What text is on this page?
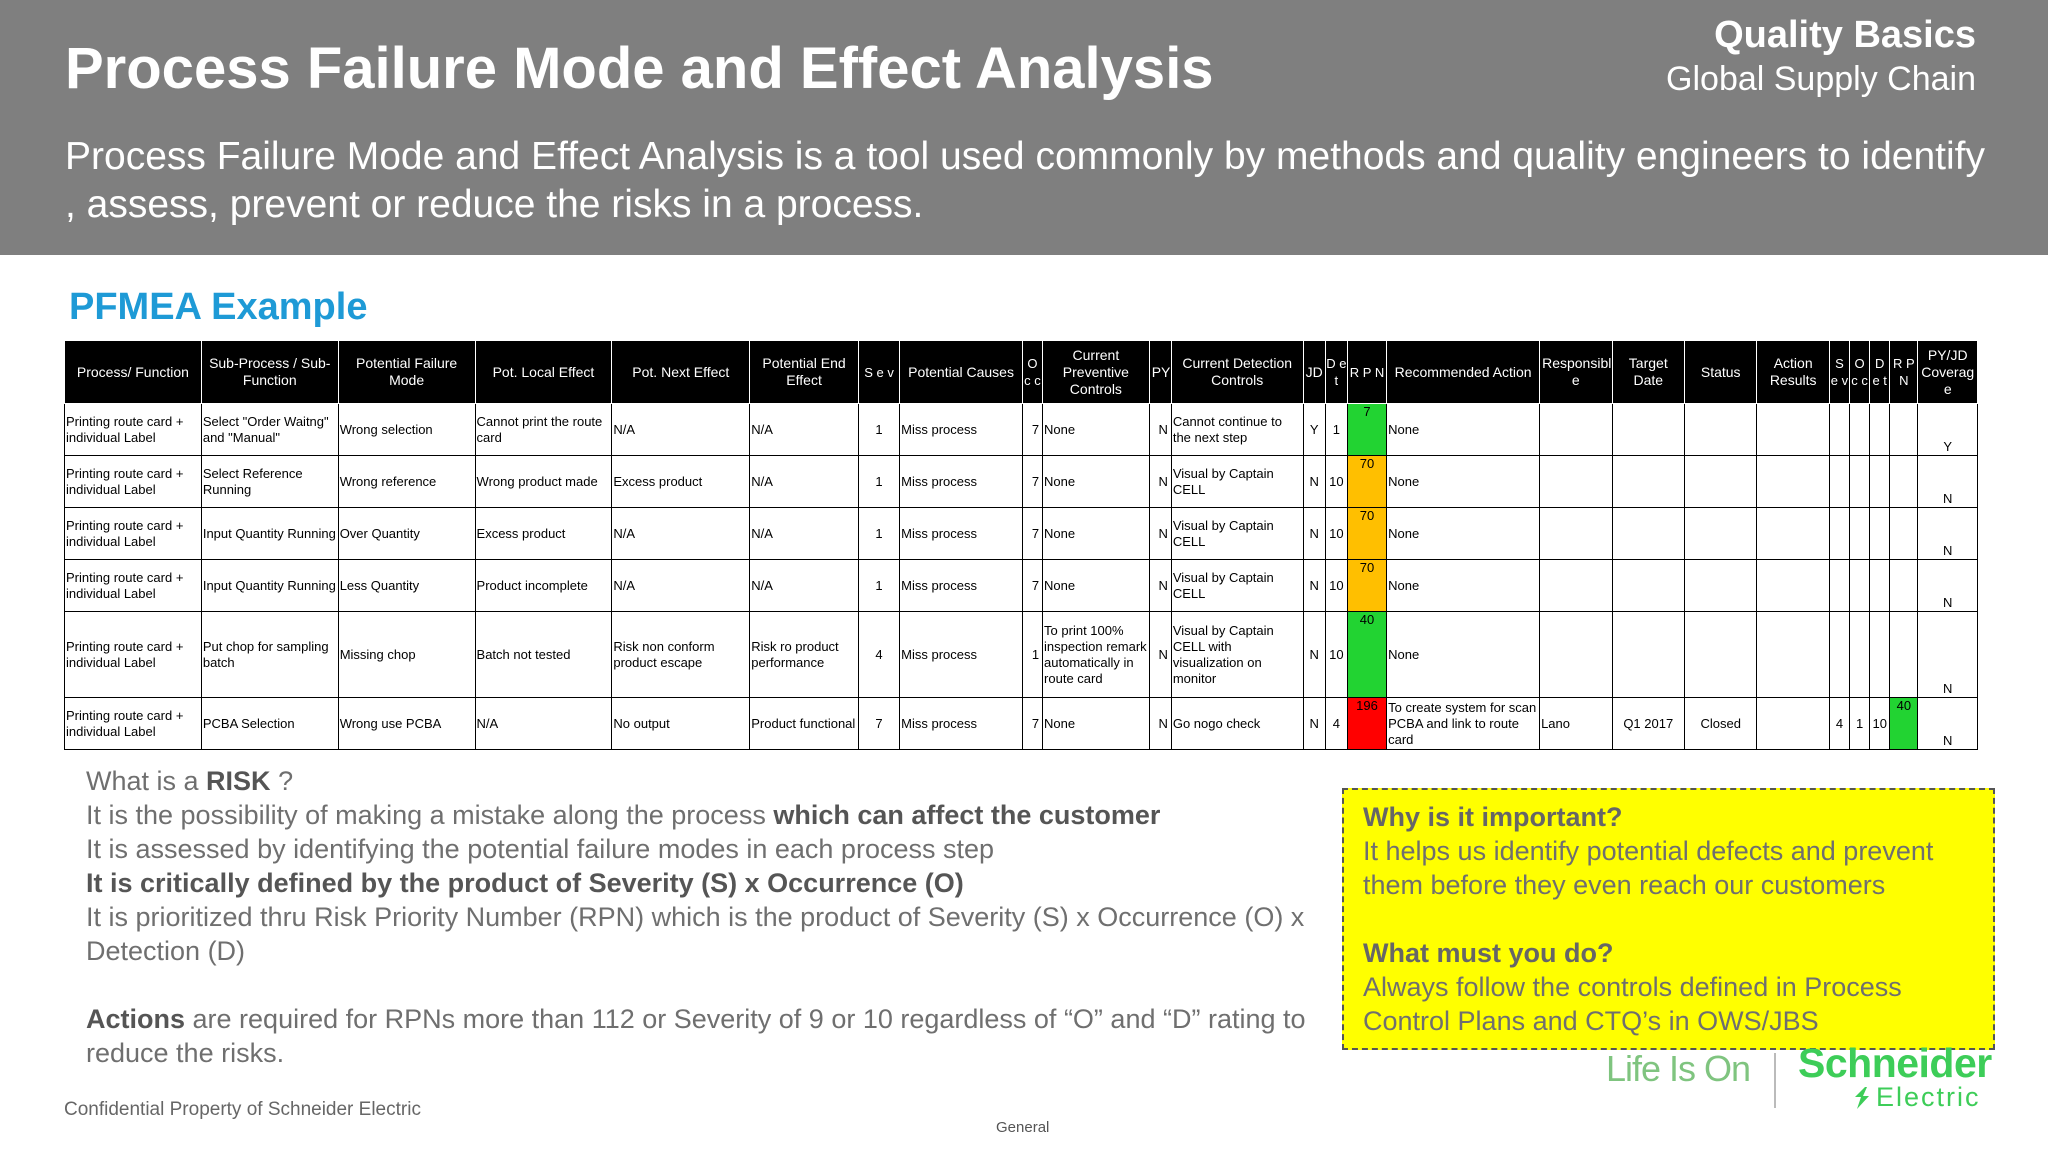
Process Failure Mode and Effect Analysis
Quality Basics
Global Supply Chain
Process Failure Mode and Effect Analysis is a tool used commonly by methods and quality engineers to identify , assess, prevent or reduce the risks in a process.
PFMEA Example
Process/ Function	Sub-Process / Sub-Function	Potential Failure Mode	Pot. Local Effect	Pot. Next Effect	Potential End Effect	S e v	Potential Causes	O c c	Current Preventive Controls	PY	Current Detection Controls	JD	D e t	R P N	Recommended Action	Responsibl e	Target Date	Status	Action Results	S e v	O c c	D e t	R P N	PY/JD Coverag e
Printing route card + individual Label	Select "Order Waitng" and "Manual"	Wrong selection	Cannot print the route card	N/A	N/A	1	Miss process	7	None	N	Cannot continue to the next step	Y	1	7	None									Y
Printing route card + individual Label	Select Reference Running	Wrong reference	Wrong product made	Excess product	N/A	1	Miss process	7	None	N	Visual by Captain CELL	N	10	70	None									N
Printing route card + individual Label	Input Quantity Running	Over Quantity	Excess product	N/A	N/A	1	Miss process	7	None	N	Visual by Captain CELL	N	10	70	None									N
Printing route card + individual Label	Input Quantity Running	Less Quantity	Product incomplete	N/A	N/A	1	Miss process	7	None	N	Visual by Captain CELL	N	10	70	None									N
Printing route card + individual Label	Put chop for sampling batch	Missing chop	Batch not tested	Risk non conform product escape	Risk ro product performance	4	Miss process	1	To print 100% inspection remark automatically in route card	N	Visual by Captain CELL with visualization on monitor	N	10	40	None									N
Printing route card + individual Label	PCBA Selection	Wrong use PCBA	N/A	No output	Product functional	7	Miss process	7	None	N	Go nogo check	N	4	196	To create system for scan PCBA and link to route card	Lano	Q1 2017	Closed		4	1	10	40	N
What is a RISK ?
It is the possibility of making a mistake along the process which can affect the customer
It is assessed by identifying the potential failure modes in each process step
It is critically defined by the product of Severity (S) x Occurrence (O)
It is prioritized thru Risk Priority Number (RPN) which is the product of Severity (S) x Occurrence (O) x Detection (D)
Actions are required for RPNs more than 112 or Severity of 9 or 10 regardless of “O” and “D” rating to reduce the risks.
Why is it important?
It helps us identify potential defects and prevent them before they even reach our customers
What must you do?
Always follow the controls defined in Process Control Plans and CTQ’s in OWS/JBS
Confidential Property of Schneider Electric
General
Life Is On Schneider
Electric
